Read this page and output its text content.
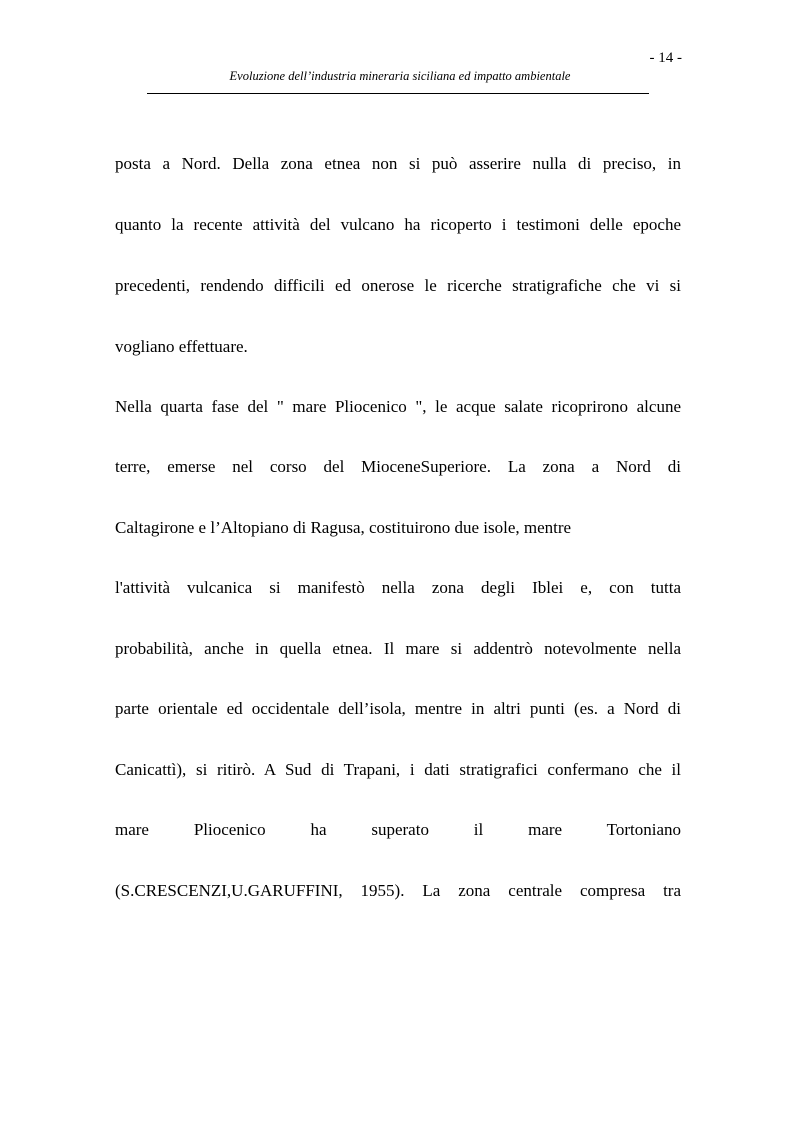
- 14 -
Evoluzione dell’industria mineraria siciliana ed impatto ambientale
posta a Nord. Della zona etnea non si può asserire nulla di preciso, in
quanto la recente attività del vulcano ha ricoperto i testimoni delle epoche
precedenti, rendendo difficili ed onerose le ricerche stratigrafiche che vi si
vogliano effettuare.
Nella quarta fase del " mare Pliocenico ", le acque salate ricoprirono alcune
terre, emerse nel corso del MioceneSuperiore. La zona a Nord di
Caltagirone e l’Altopiano di Ragusa, costituirono due isole, mentre
l'attività vulcanica si manifestò nella zona degli Iblei e, con tutta
probabilità, anche in quella etnea. Il mare si addentrò notevolmente nella
parte orientale ed occidentale dell’isola, mentre in altri punti (es. a Nord di
Canicattì), si ritirò. A Sud di Trapani, i dati stratigrafici confermano che il
mare Pliocenico ha superato il mare Tortoniano
(S.CRESCENZI,U.GARUFFINI, 1955). La zona centrale compresa tra
